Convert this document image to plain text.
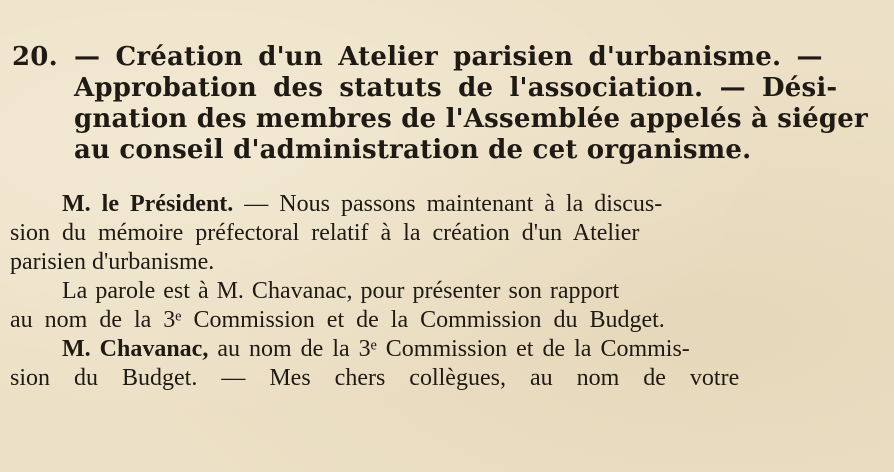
20. — Création d'un Atelier parisien d'urbanisme. —
Approbation des statuts de l'association. — Dési-
gnation des membres de l'Assemblée appelés à siéger
au conseil d'administration de cet organisme.
M. le Président. — Nous passons maintenant à la discus-
sion du mémoire préfectoral relatif à la création d'un Atelier
parisien d'urbanisme.
La parole est à M. Chavanac, pour présenter son rapport
au nom de la 3ᵉ Commission et de la Commission du Budget.
M. Chavanac, au nom de la 3ᵉ Commission et de la Commis-
sion du Budget. — Mes chers collègues, au nom de votre
